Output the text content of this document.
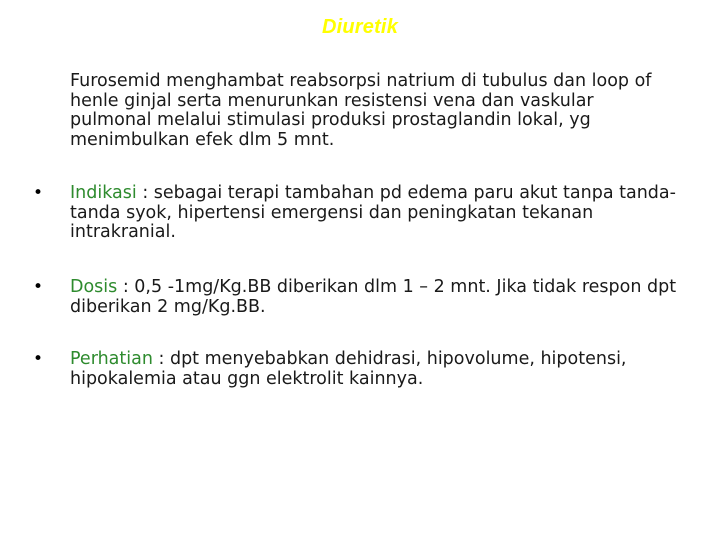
Diuretik
Furosemid menghambat reabsorpsi natrium di tubulus dan loop of henle ginjal serta menurunkan resistensi vena dan vaskular pulmonal melalui stimulasi produksi prostaglandin lokal, yg menimbulkan efek dlm 5 mnt.
•	Indikasi : sebagai terapi tambahan pd edema paru akut tanpa tanda- tanda syok, hipertensi emergensi dan peningkatan tekanan intrakranial.
•	Dosis : 0,5 -1mg/Kg.BB diberikan dlm 1 – 2 mnt. Jika tidak respon dpt diberikan 2 mg/Kg.BB.
•	Perhatian : dpt menyebabkan dehidrasi, hipovolume, hipotensi, hipokalemia atau ggn elektrolit kainnya.
